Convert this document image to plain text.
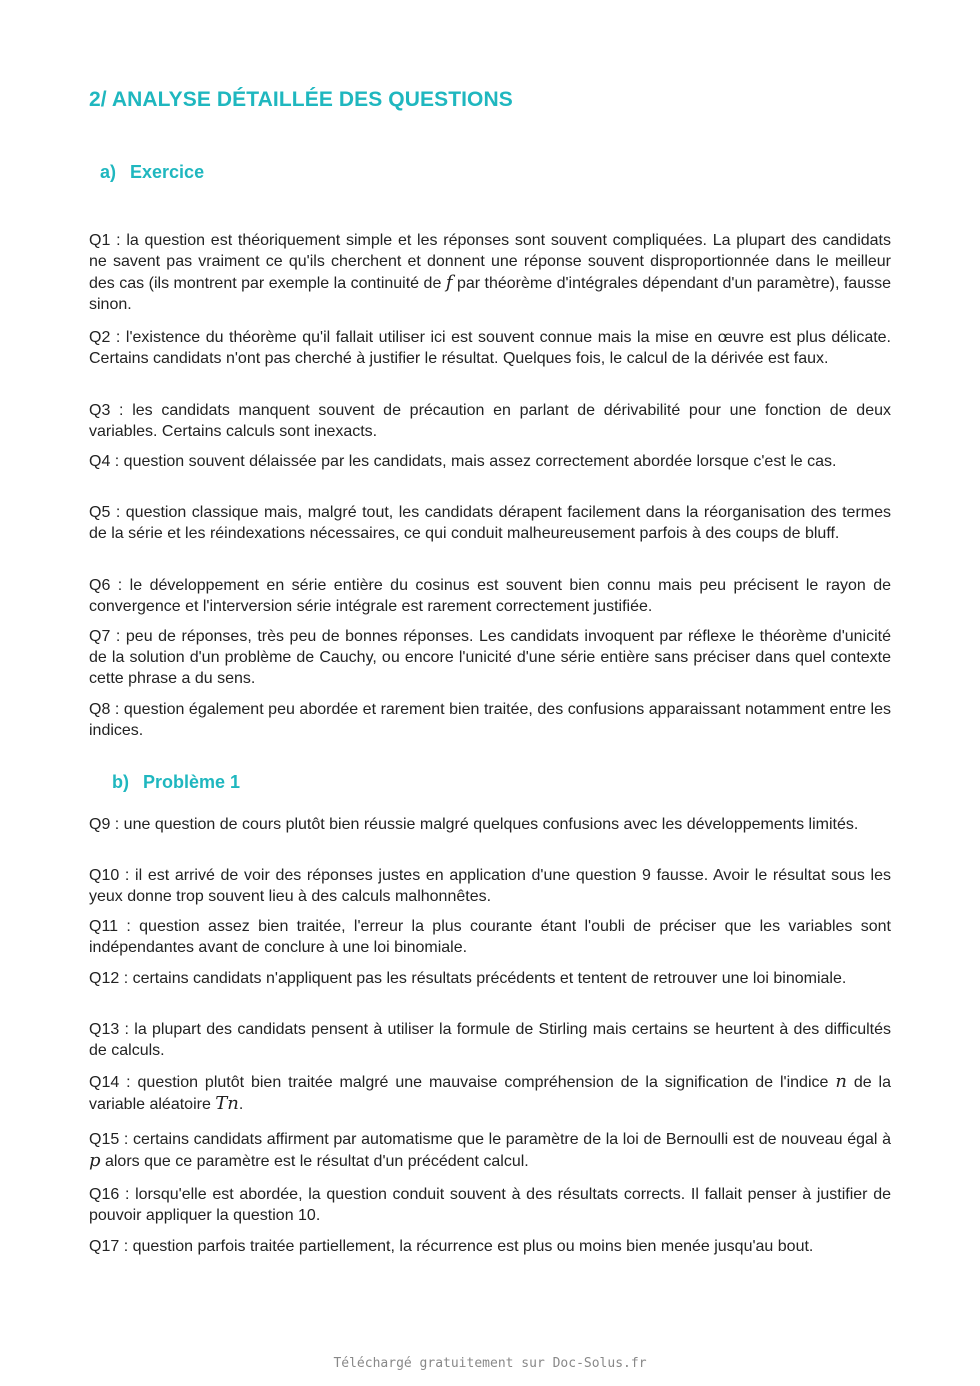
2/ ANALYSE DÉTAILLÉE DES QUESTIONS
a) Exercice

Q1 : la question est théoriquement simple et les réponses sont souvent compliquées. La plupart des candidats ne savent pas vraiment ce qu'ils cherchent et donnent une réponse souvent disproportionnée dans le meilleur des cas (ils montrent par exemple la continuité de f par théorème d'intégrales dépendant d'un paramètre), fausse sinon.

Q2 : l'existence du théorème qu'il fallait utiliser ici est souvent connue mais la mise en œuvre est plus délicate. Certains candidats n'ont pas cherché à justifier le résultat. Quelques fois, le calcul de la dérivée est faux.

Q3 : les candidats manquent souvent de précaution en parlant de dérivabilité pour une fonction de deux variables. Certains calculs sont inexacts.

Q4 : question souvent délaissée par les candidats, mais assez correctement abordée lorsque c'est le cas.

Q5 : question classique mais, malgré tout, les candidats dérapent facilement dans la réorganisation des termes de la série et les réindexations nécessaires, ce qui conduit malheureusement parfois à des coups de bluff.

Q6 : le développement en série entière du cosinus est souvent bien connu mais peu précisent le rayon de convergence et l'interversion série intégrale est rarement correctement justifiée.

Q7 : peu de réponses, très peu de bonnes réponses. Les candidats invoquent par réflexe le théorème d'unicité de la solution d'un problème de Cauchy, ou encore l'unicité d'une série entière sans préciser dans quel contexte cette phrase a du sens.

Q8 : question également peu abordée et rarement bien traitée, des confusions apparaissant notamment entre les indices.

b) Problème 1

Q9 : une question de cours plutôt bien réussie malgré quelques confusions avec les développements limités.

Q10 : il est arrivé de voir des réponses justes en application d'une question 9 fausse. Avoir le résultat sous les yeux donne trop souvent lieu à des calculs malhonnêtes.

Q11 : question assez bien traitée, l'erreur la plus courante étant l'oubli de préciser que les variables sont indépendantes avant de conclure à une loi binomiale.

Q12 : certains candidats n'appliquent pas les résultats précédents et tentent de retrouver une loi binomiale.

Q13 : la plupart des candidats pensent à utiliser la formule de Stirling mais certains se heurtent à des difficultés de calculs.

Q14 : question plutôt bien traitée malgré une mauvaise compréhension de la signification de l'indice n de la variable aléatoire Tn.

Q15 : certains candidats affirment par automatisme que le paramètre de la loi de Bernoulli est de nouveau égal à p alors que ce paramètre est le résultat d'un précédent calcul.

Q16 : lorsqu'elle est abordée, la question conduit souvent à des résultats corrects. Il fallait penser à justifier de pouvoir appliquer la question 10.

Q17 : question parfois traitée partiellement, la récurrence est plus ou moins bien menée jusqu'au bout.

Téléchargé gratuitement sur Doc-Solus.fr
